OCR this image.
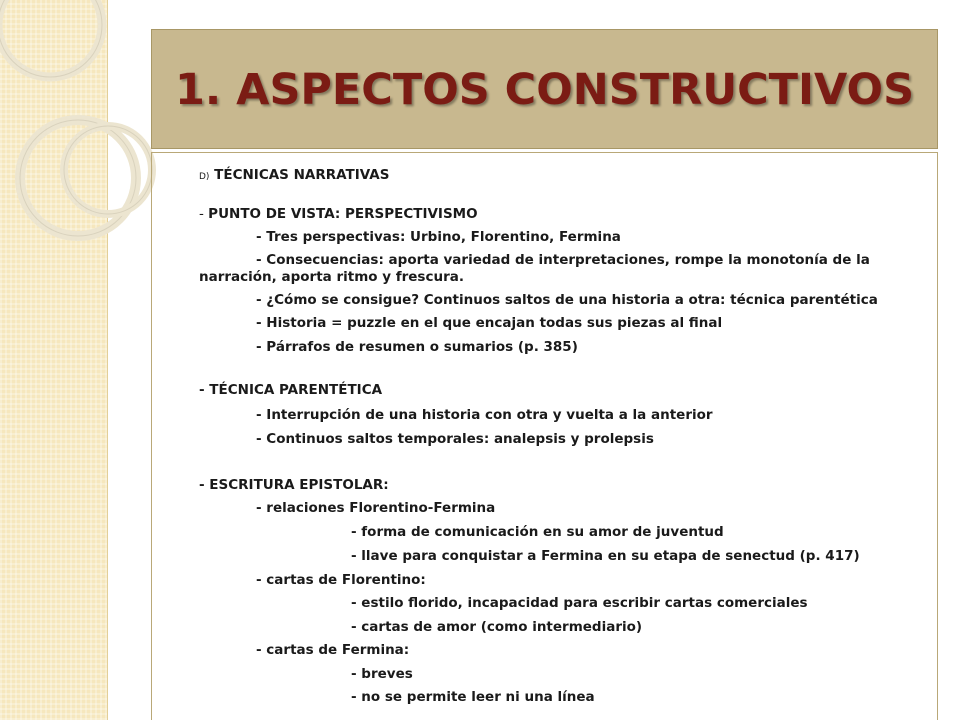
1. ASPECTOS CONSTRUCTIVOS
D) TÉCNICAS NARRATIVAS
- PUNTO DE VISTA: PERSPECTIVISMO
- Tres perspectivas: Urbino, Florentino, Fermina
- Consecuencias: aporta variedad de interpretaciones, rompe la monotonía de la
narración, aporta ritmo y frescura.
- ¿Cómo se consigue? Continuos saltos de una historia a otra: técnica parentética
- Historia = puzzle en el que encajan todas sus piezas al final
- Párrafos de resumen o sumarios (p. 385)
- TÉCNICA PARENTÉTICA
- Interrupción de una historia con otra y vuelta a la anterior
- Continuos saltos temporales: analepsis y prolepsis
- ESCRITURA EPISTOLAR:
- relaciones Florentino-Fermina
- forma de comunicación en su amor de juventud
- llave para conquistar a Fermina en su etapa de senectud (p. 417)
- cartas de Florentino:
- estilo florido, incapacidad para escribir cartas comerciales
- cartas de amor (como intermediario)
- cartas de Fermina:
- breves
- no se permite leer ni una línea
